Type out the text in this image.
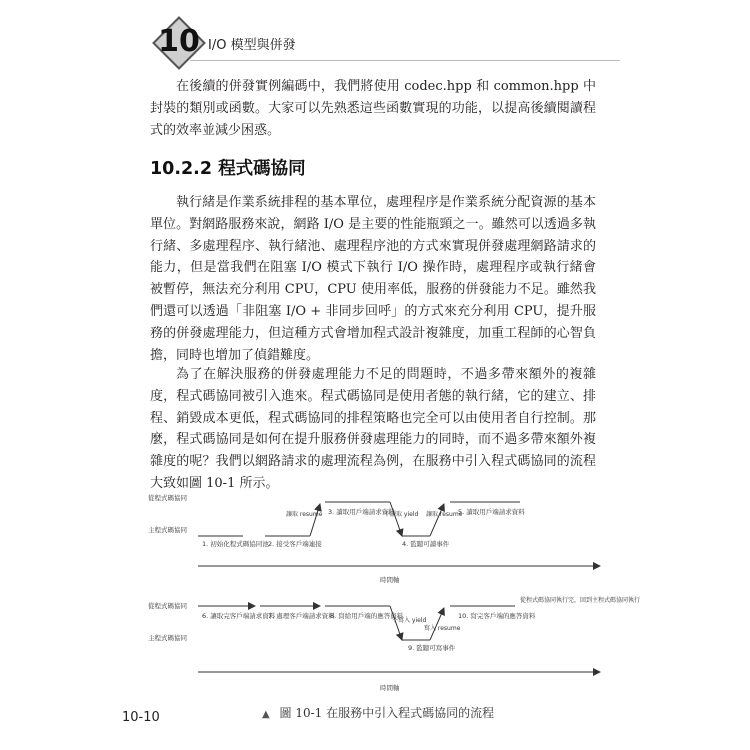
10 I/O 模型與併發

在後續的併發實例編碼中，我們將使用 codec.hpp 和 common.hpp 中封裝的類別或函數。大家可以先熟悉這些函數實現的功能，以提高後續閱讀程式的效率並減少困惑。

10.2.2 程式碼協同

執行緒是作業系統排程的基本單位，處理程序是作業系統分配資源的基本單位。對網路服務來說，網路 I/O 是主要的性能瓶頸之一。雖然可以透過多執行緒、多處理程序、執行緒池、處理程序池的方式來實現併發處理網路請求的能力，但是當我們在阻塞 I/O 模式下執行 I/O 操作時，處理程序或執行緒會被暫停，無法充分利用 CPU，CPU 使用率低，服務的併發能力不足。雖然我們還可以透過「非阻塞 I/O + 非同步回呼」的方式來充分利用 CPU，提升服務的併發處理能力，但這種方式會增加程式設計複雜度，加重工程師的心智負擔，同時也增加了偵錯難度。

為了在解決服務的併發處理能力不足的問題時，不過多帶來額外的複雜度，程式碼協同被引入進來。程式碼協同是使用者態的執行緒，它的建立、排程、銷毀成本更低，程式碼協同的排程策略也完全可以由使用者自行控制。那麼，程式碼協同是如何在提升服務併發處理能力的同時，而不過多帶來額外複雜度的呢？我們以網路請求的處理流程為例，在服務中引入程式碼協同的流程大致如圖 10-1 所示。

從程式碼協同
主程式碼協同
1. 初始化程式碼協同池 2. 接受客戶端連接
3. 讀取用戶端請求資料
4. 監聽可讀事件
5. 讀取用戶端請求資料
讓取 resume	不讀取 yield 讓取 resume
時間軸
從程式碼協同
主程式碼協同
6. 讓取完客戶端請求資料
7. 處理客戶端請求資料
8. 寫給用戶端的應答資料
9. 監聽可寫事件
10. 寫完客戶端的應答資料
從程式碼協同執行完，回到主程式碼協同執行
不寫入 yield
寫入 resume
時間軸
▲ 圖 10-1 在服務中引入程式碼協同的流程
10-10
